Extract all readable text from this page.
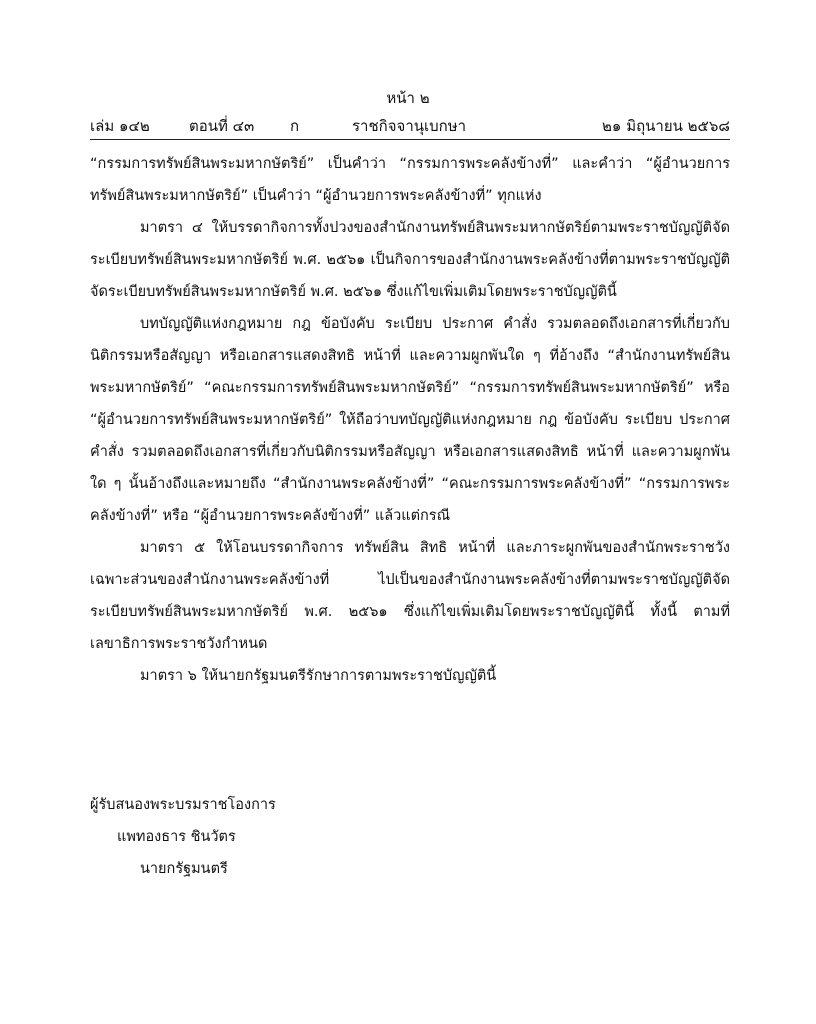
หน้า ๒
เล่ม ๑๔๒	ตอนที่ ๔๓ ก	ราชกิจจานุเบกษา	๒๑ มิถุนายน ๒๕๖๘

“กรรมการทรัพย์สินพระมหากษัตริย์” เป็นคำว่า “กรรมการพระคลังข้างที่” และคำว่า “ผู้อำนวยการทรัพย์สินพระมหากษัตริย์” เป็นคำว่า “ผู้อำนวยการพระคลังข้างที่” ทุกแห่ง

มาตรา ๔ ให้บรรดากิจการทั้งปวงของสำนักงานทรัพย์สินพระมหากษัตริย์ตามพระราชบัญญัติจัดระเบียบทรัพย์สินพระมหากษัตริย์ พ.ศ. ๒๕๖๑ เป็นกิจการของสำนักงานพระคลังข้างที่ตามพระราชบัญญัติจัดระเบียบทรัพย์สินพระมหากษัตริย์ พ.ศ. ๒๕๖๑ ซึ่งแก้ไขเพิ่มเติมโดยพระราชบัญญัตินี้

บทบัญญัติแห่งกฎหมาย กฎ ข้อบังคับ ระเบียบ ประกาศ คำสั่ง รวมตลอดถึงเอกสารที่เกี่ยวกับนิติกรรมหรือสัญญา หรือเอกสารแสดงสิทธิ หน้าที่ และความผูกพันใด ๆ ที่อ้างถึง “สำนักงานทรัพย์สินพระมหากษัตริย์” “คณะกรรมการทรัพย์สินพระมหากษัตริย์” “กรรมการทรัพย์สินพระมหากษัตริย์” หรือ “ผู้อำนวยการทรัพย์สินพระมหากษัตริย์” ให้ถือว่าบทบัญญัติแห่งกฎหมาย กฎ ข้อบังคับ ระเบียบ ประกาศ คำสั่ง รวมตลอดถึงเอกสารที่เกี่ยวกับนิติกรรมหรือสัญญา หรือเอกสารแสดงสิทธิ หน้าที่ และความผูกพันใด ๆ นั้นอ้างถึงและหมายถึง “สำนักงานพระคลังข้างที่” “คณะกรรมการพระคลังข้างที่” “กรรมการพระคลังข้างที่” หรือ “ผู้อำนวยการพระคลังข้างที่” แล้วแต่กรณี

มาตรา ๕ ให้โอนบรรดากิจการ ทรัพย์สิน สิทธิ หน้าที่ และภาระผูกพันของสำนักพระราชวังเฉพาะส่วนของสำนักงานพระคลังข้างที่ ไปเป็นของสำนักงานพระคลังข้างที่ตามพระราชบัญญัติจัดระเบียบทรัพย์สินพระมหากษัตริย์ พ.ศ. ๒๕๖๑ ซึ่งแก้ไขเพิ่มเติมโดยพระราชบัญญัตินี้ ทั้งนี้ ตามที่เลขาธิการพระราชวังกำหนด

มาตรา ๖ ให้นายกรัฐมนตรีรักษาการตามพระราชบัญญัตินี้

ผู้รับสนองพระบรมราชโองการ

แพทองธาร ชินวัตร

นายกรัฐมนตรี
